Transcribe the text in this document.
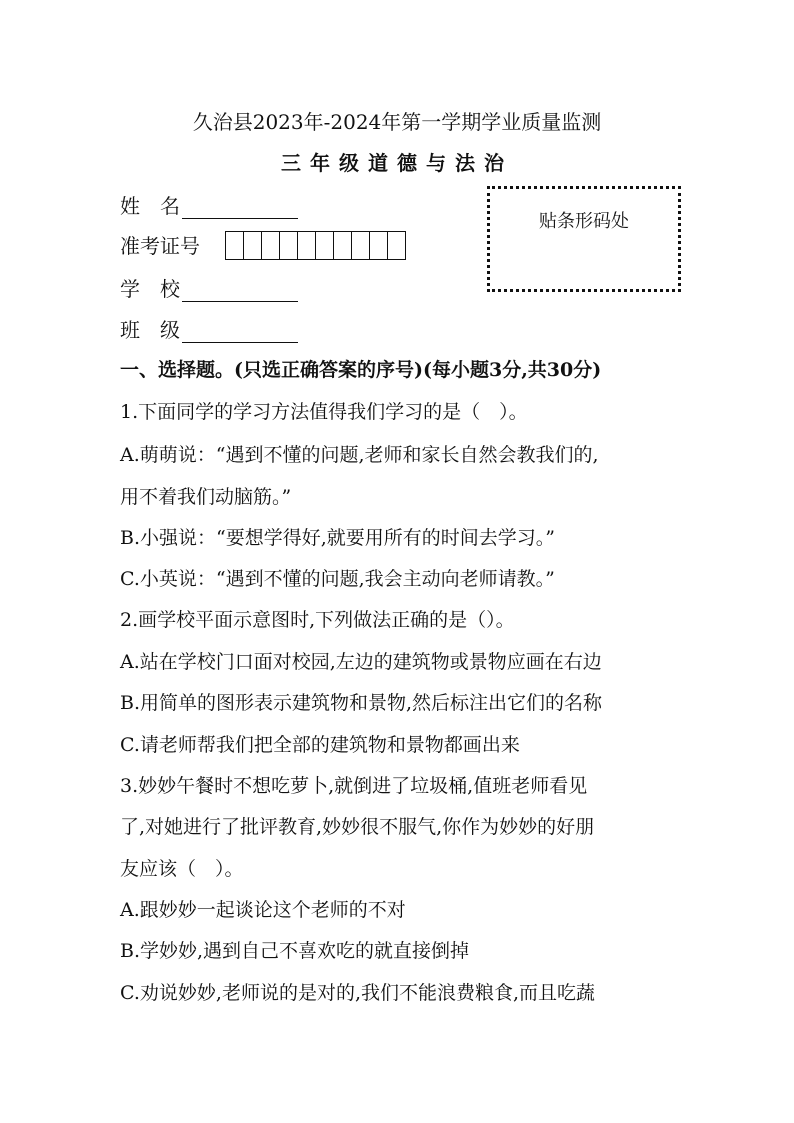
久治县2023年-2024年第一学期学业质量监测
三年级道德与法治
姓　名
准考证号
学　校
班　级
贴条形码处
一、选择题。(只选正确答案的序号)(每小题3分,共30分)
1.下面同学的学习方法值得我们学习的是（　）。
A.萌萌说：“遇到不懂的问题,老师和家长自然会教我们的,
用不着我们动脑筋。”
B.小强说：“要想学得好,就要用所有的时间去学习。”
C.小英说：“遇到不懂的问题,我会主动向老师请教。”
2.画学校平面示意图时,下列做法正确的是（）。
A.站在学校门口面对校园,左边的建筑物或景物应画在右边
B.用简单的图形表示建筑物和景物,然后标注出它们的名称
C.请老师帮我们把全部的建筑物和景物都画出来
3.妙妙午餐时不想吃萝卜,就倒进了垃圾桶,值班老师看见
了,对她进行了批评教育,妙妙很不服气,你作为妙妙的好朋
友应该（　）。
A.跟妙妙一起谈论这个老师的不对
B.学妙妙,遇到自己不喜欢吃的就直接倒掉
C.劝说妙妙,老师说的是对的,我们不能浪费粮食,而且吃蔬
